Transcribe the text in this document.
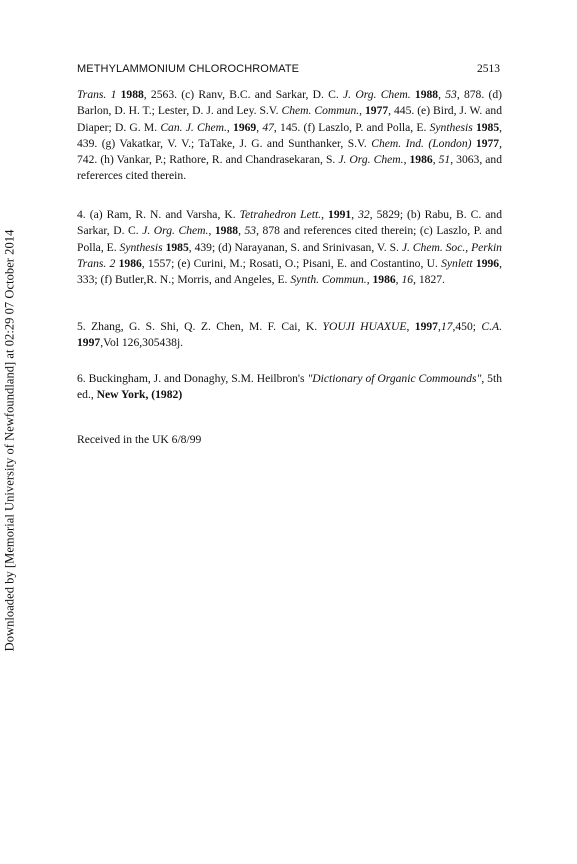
Downloaded by [Memorial University of Newfoundland] at 02:29 07 October 2014
METHYLAMMONIUM CHLOROCHROMATE	2513

Trans. 1 1988, 2563. (c) Ranv, B.C. and Sarkar, D. C. J. Org. Chem. 1988, 53, 878. (d) Barlon, D. H. T.; Lester, D. J. and Ley. S.V. Chem. Commun., 1977, 445. (e) Bird, J. W. and Diaper; D. G. M. Can. J. Chem., 1969, 47, 145. (f) Laszlo, P. and Polla, E. Synthesis 1985, 439. (g) Vakatkar, V. V.; TaTake, J. G. and Sunthanker, S.V. Chem. Ind. (London) 1977, 742. (h) Vankar, P.; Rathore, R. and Chandrasekaran, S. J. Org. Chem., 1986, 51, 3063, and refererces cited therein.

4. (a) Ram, R. N. and Varsha, K. Tetrahedron Lett., 1991, 32, 5829; (b) Rabu, B. C. and Sarkar, D. C. J. Org. Chem., 1988, 53, 878 and references cited therein; (c) Laszlo, P. and Polla, E. Synthesis 1985, 439; (d) Narayanan, S. and Srinivasan, V. S. J. Chem. Soc., Perkin Trans. 2 1986, 1557; (e) Curini, M.; Rosati, O.; Pisani, E. and Costantino, U. Synlett 1996, 333; (f) Butler,R. N.; Morris, and Angeles, E. Synth. Commun., 1986, 16, 1827.

5. Zhang, G. S. Shi, Q. Z. Chen, M. F. Cai, K. YOUJI HUAXUE, 1997,17,450; C.A. 1997,Vol 126,305438j.

6. Buckingham, J. and Donaghy, S.M. Heilbron's "Dictionary of Organic Commounds", 5th ed., New York, (1982)

Received in the UK 6/8/99
